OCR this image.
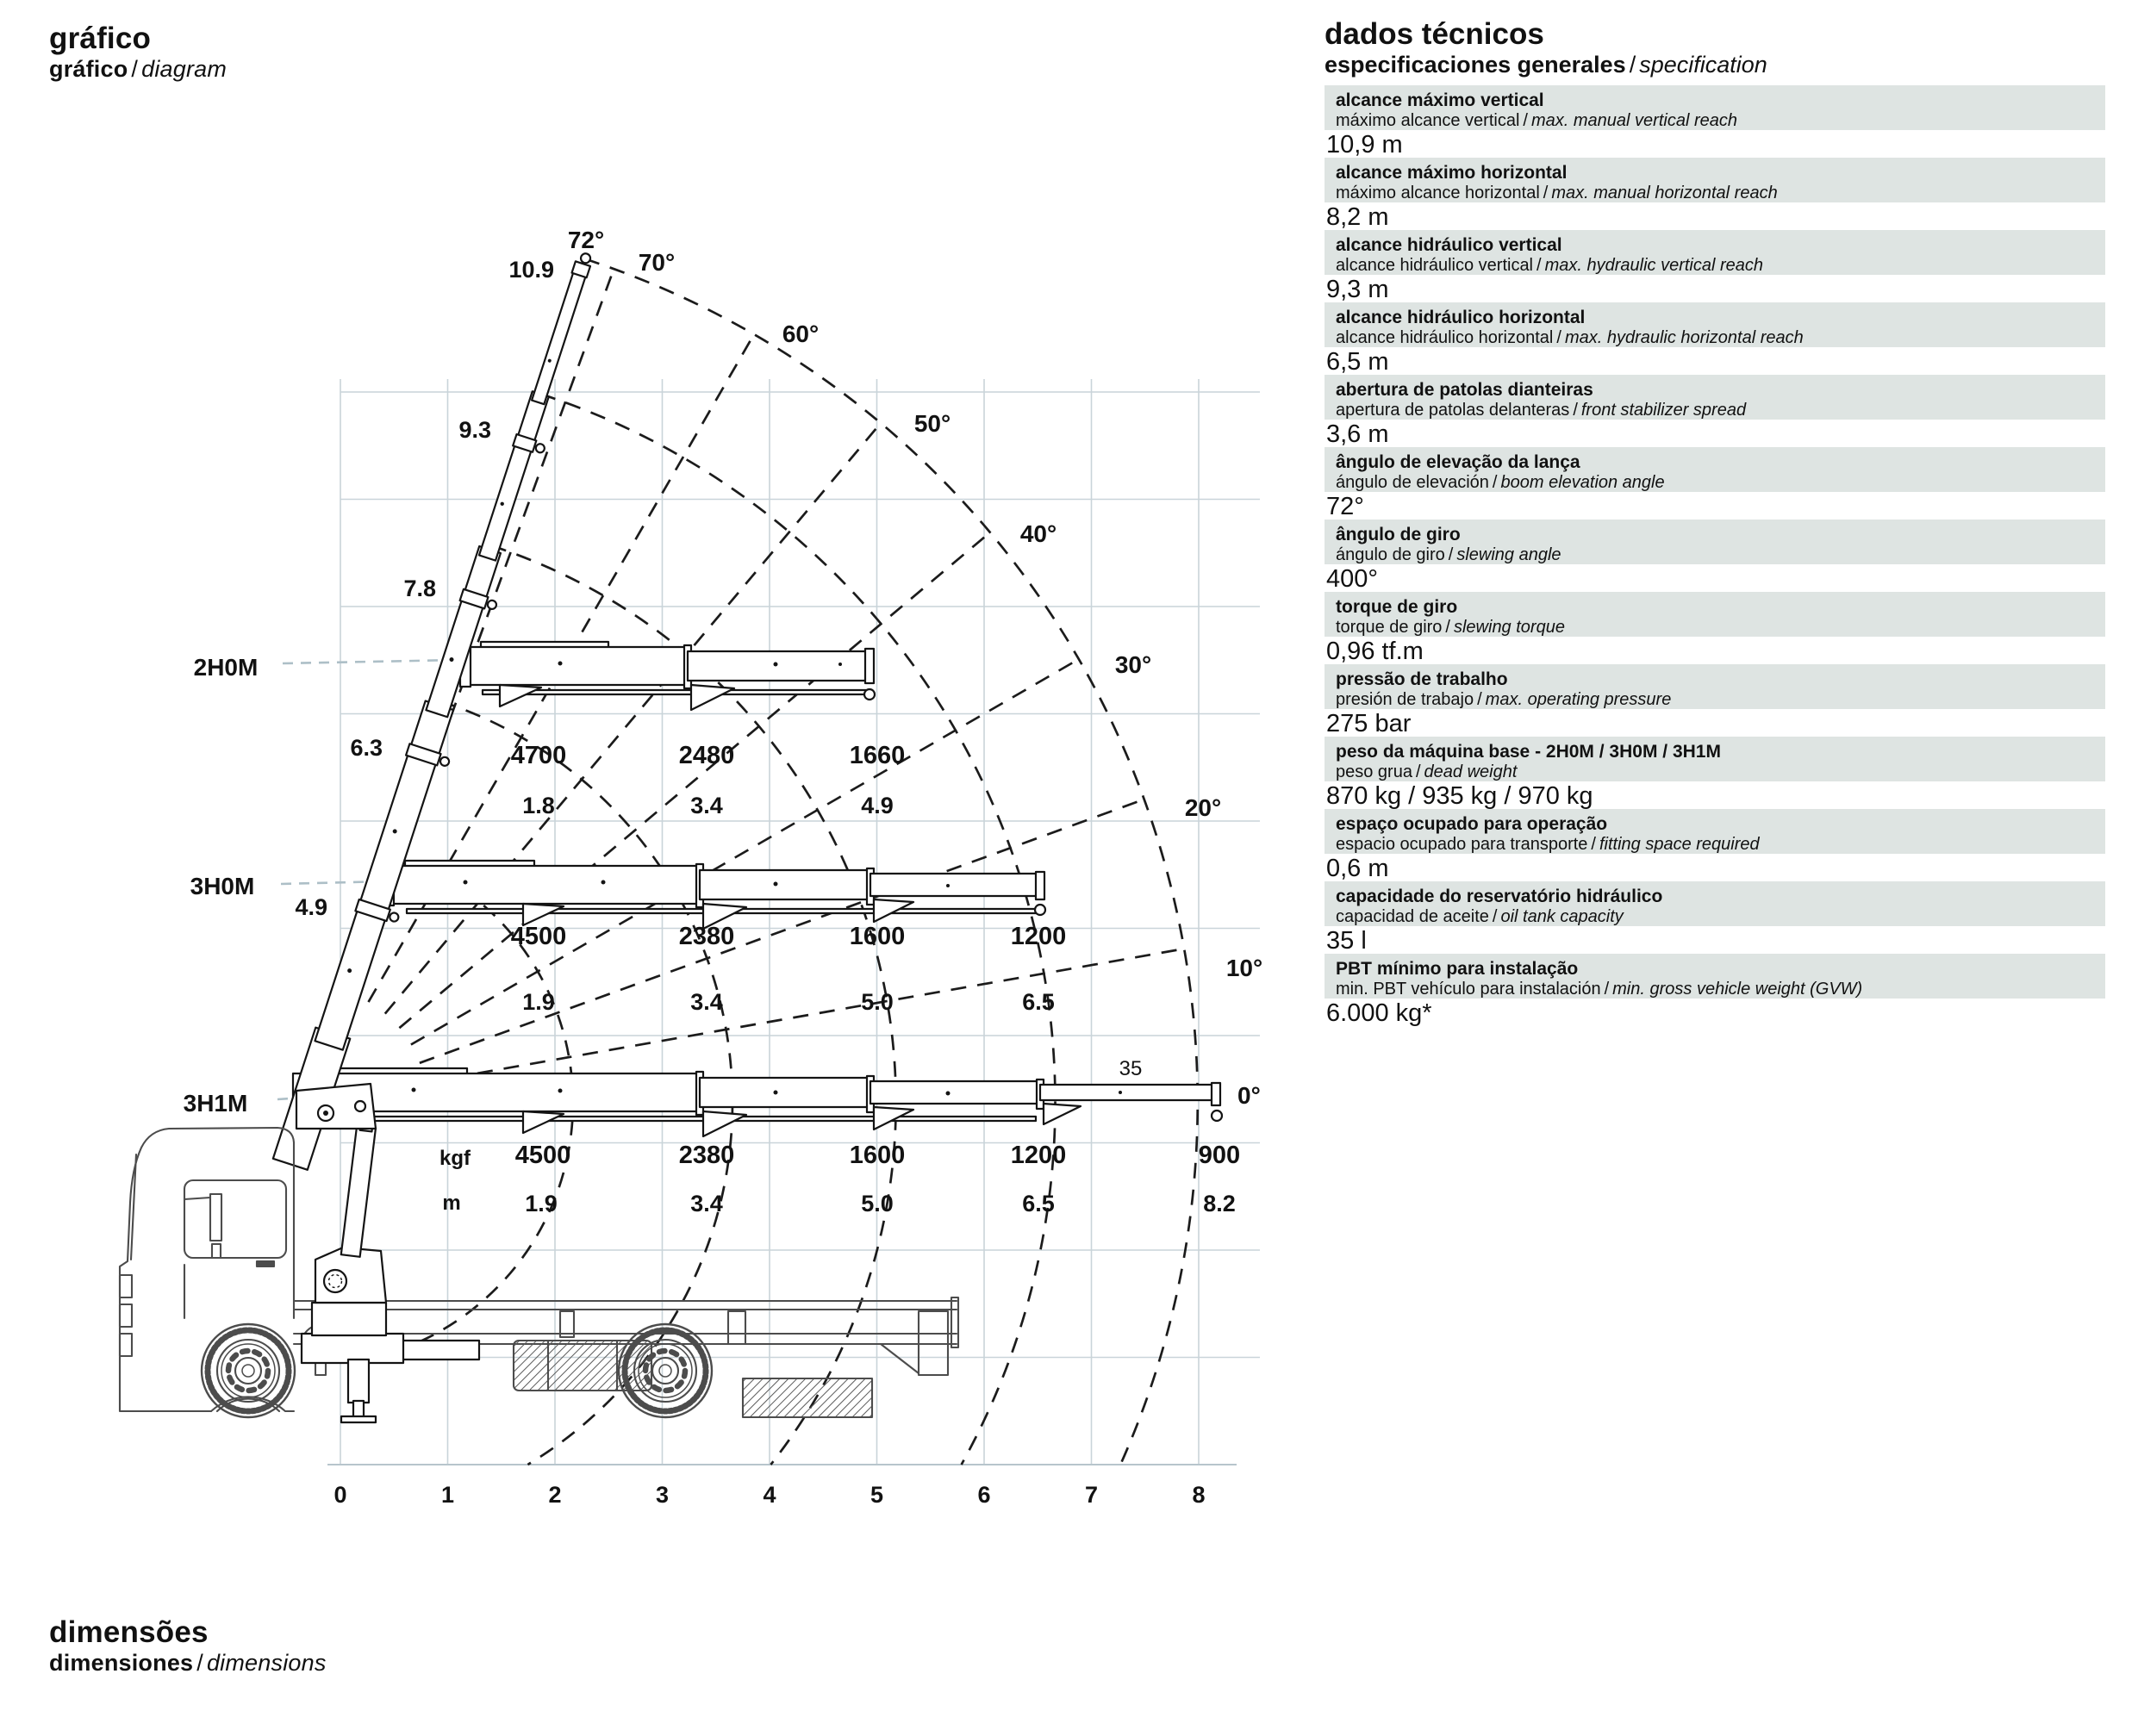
gráfico
gráfico / diagram
dimensões
dimensiones / dimensions
dados técnicos
especificaciones generales / specification
alcance máximo vertical
máximo alcance vertical / max. manual vertical reach
10,9 m
alcance máximo horizontal
máximo alcance horizontal / max. manual horizontal reach
8,2 m
alcance hidráulico vertical
alcance hidráulico vertical / max. hydraulic vertical reach
9,3 m
alcance hidráulico horizontal
alcance hidráulico horizontal / max. hydraulic horizontal reach
6,5 m
abertura de patolas dianteiras
apertura de patolas delanteras / front stabilizer spread
3,6 m
ângulo de elevação da lança
ángulo de elevación / boom elevation angle
72°
ângulo de giro
ángulo de giro / slewing angle
400°
torque de giro
torque de giro / slewing torque
0,96 tf.m
pressão de trabalho
presión de trabajo / max. operating pressure
275 bar
peso da máquina base - 2H0M / 3H0M / 3H1M
peso grua / dead weight
870 kg / 935 kg / 970 kg
espaço ocupado para operação
espacio ocupado para transporte / fitting space required
0,6 m
capacidade do reservatório hidráulico
capacidad de aceite / oil tank capacity
35 l
PBT mínimo para instalação
min. PBT vehículo para instalación / min. gross vehicle weight (GVW)
6.000 kg*
72°
70°
60°
50°
40°
30°
20°
10°
0°
10.9
9.3
7.8
6.3
4.9
2H0M
3H0M
3H1M
4700	2480	1660
1.8	3.4	4.9
4500	2380	1600	1200
1.9	3.4	5.0	6.5
kgf
m
4500	2380	1600	1200	900
1.9	3.4	5.0	6.5	8.2
35
0	1	2	3	4	5	6	7	8
